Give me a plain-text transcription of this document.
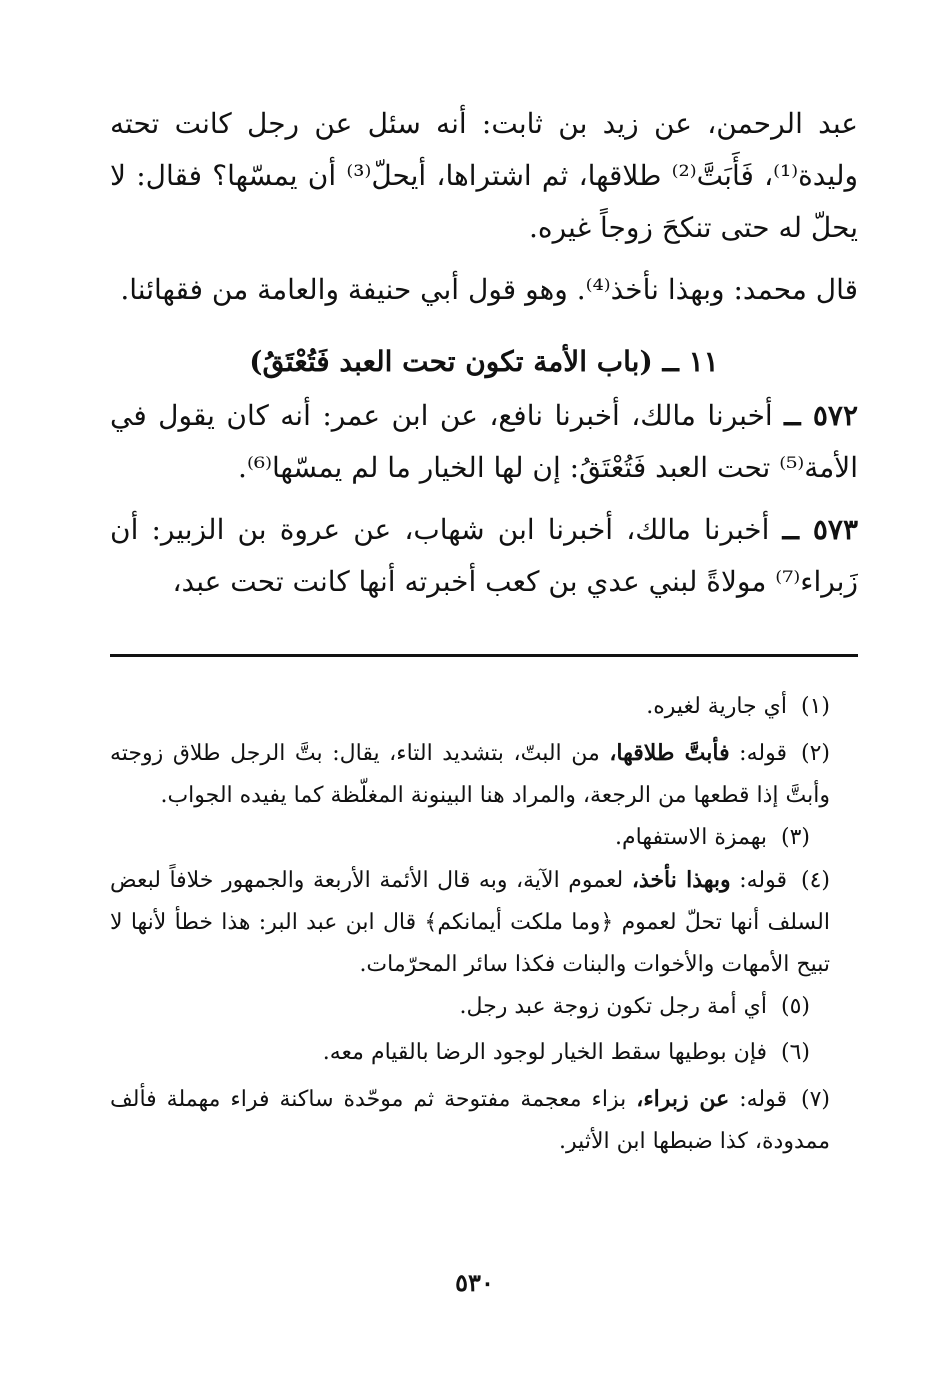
عبد الرحمن، عن زيد بن ثابت: أنه سئل عن رجل كانت تحته وليدة⁽¹⁾، فَأَبَتَّ⁽²⁾ طلاقها، ثم اشتراها، أيحلّ⁽³⁾ أن يمسّها؟ فقال: لا يحلّ له حتى تنكحَ زوجاً غيره.

قال محمد: وبهذا نأخذ⁽⁴⁾. وهو قول أبي حنيفة والعامة من فقهائنا.

١١ ــ (باب الأمة تكون تحت العبد فَتُعْتَقُ)

٥٧٢ ــ أخبرنا مالك، أخبرنا نافع، عن ابن عمر: أنه كان يقول في الأمة⁽⁵⁾ تحت العبد فَتُعْتَقُ: إن لها الخيار ما لم يمسّها⁽⁶⁾.

٥٧٣ ــ أخبرنا مالك، أخبرنا ابن شهاب، عن عروة بن الزبير: أن زَبراء⁽⁷⁾ مولاةً لبني عدي بن كعب أخبرته أنها كانت تحت عبد،

(١)أي جارية لغيره.

(٢)قوله: فأبتَّ طلاقها، من البتّ، بتشديد التاء، يقال: بتَّ الرجل طلاق زوجته وأبتَّ إذا قطعها من الرجعة، والمراد هنا البينونة المغلّظة كما يفيده الجواب.

(٣)بهمزة الاستفهام.

(٤)قوله: وبهذا نأخذ، لعموم الآية، وبه قال الأئمة الأربعة والجمهور خلافاً لبعض السلف أنها تحلّ لعموم ﴿وما ملكت أيمانكم﴾ قال ابن عبد البر: هذا خطأ لأنها لا تبيح الأمهات والأخوات والبنات فكذا سائر المحرّمات.

(٥)أي أمة رجل تكون زوجة عبد رجل.

(٦)فإن بوطيها سقط الخيار لوجود الرضا بالقيام معه.

(٧)قوله: عن زبراء، بزاء معجمة مفتوحة ثم موحّدة ساكنة فراء مهملة فألف ممدودة، كذا ضبطها ابن الأثير.

٥٣٠
